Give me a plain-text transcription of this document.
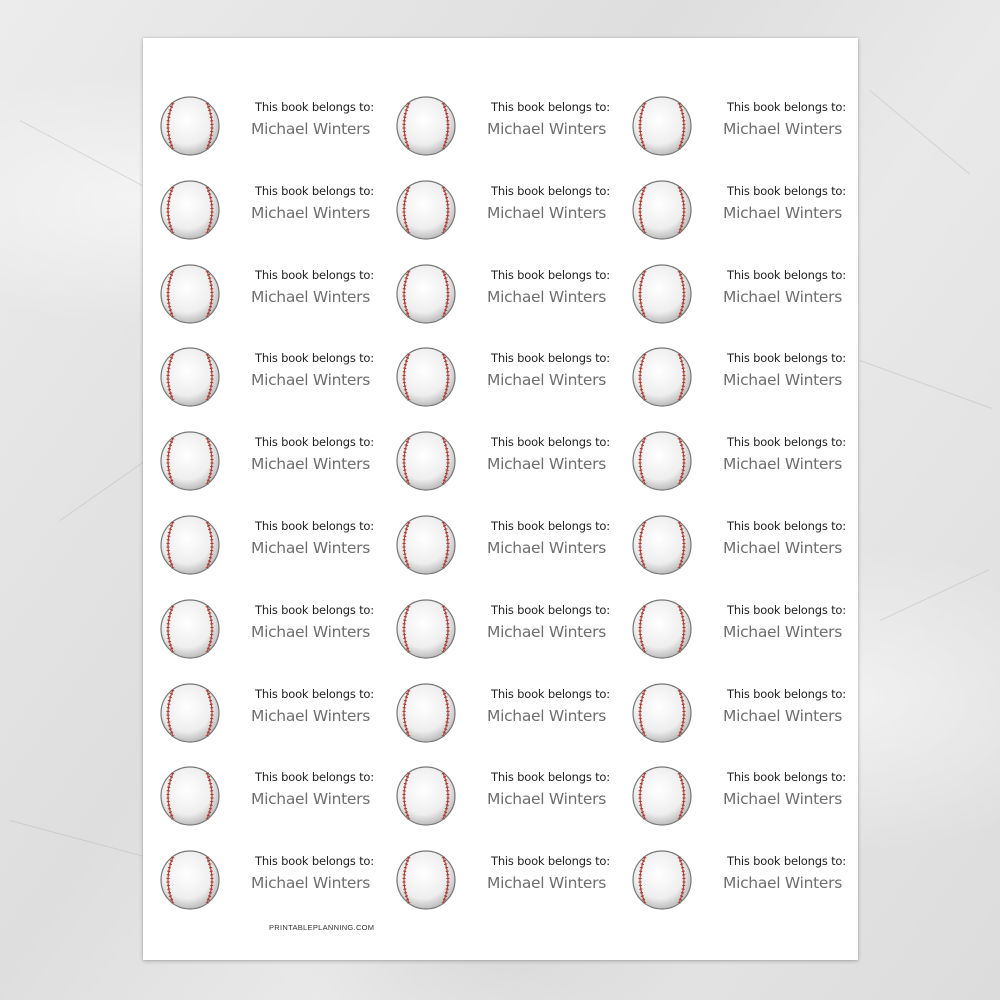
PRINTABLEPLANNING.COM
This book belongs to:
Michael Winters
This book belongs to:
Michael Winters
This book belongs to:
Michael Winters
This book belongs to:
Michael Winters
This book belongs to:
Michael Winters
This book belongs to:
Michael Winters
This book belongs to:
Michael Winters
This book belongs to:
Michael Winters
This book belongs to:
Michael Winters
This book belongs to:
Michael Winters
This book belongs to:
Michael Winters
This book belongs to:
Michael Winters
This book belongs to:
Michael Winters
This book belongs to:
Michael Winters
This book belongs to:
Michael Winters
This book belongs to:
Michael Winters
This book belongs to:
Michael Winters
This book belongs to:
Michael Winters
This book belongs to:
Michael Winters
This book belongs to:
Michael Winters
This book belongs to:
Michael Winters
This book belongs to:
Michael Winters
This book belongs to:
Michael Winters
This book belongs to:
Michael Winters
This book belongs to:
Michael Winters
This book belongs to:
Michael Winters
This book belongs to:
Michael Winters
This book belongs to:
Michael Winters
This book belongs to:
Michael Winters
This book belongs to:
Michael Winters
